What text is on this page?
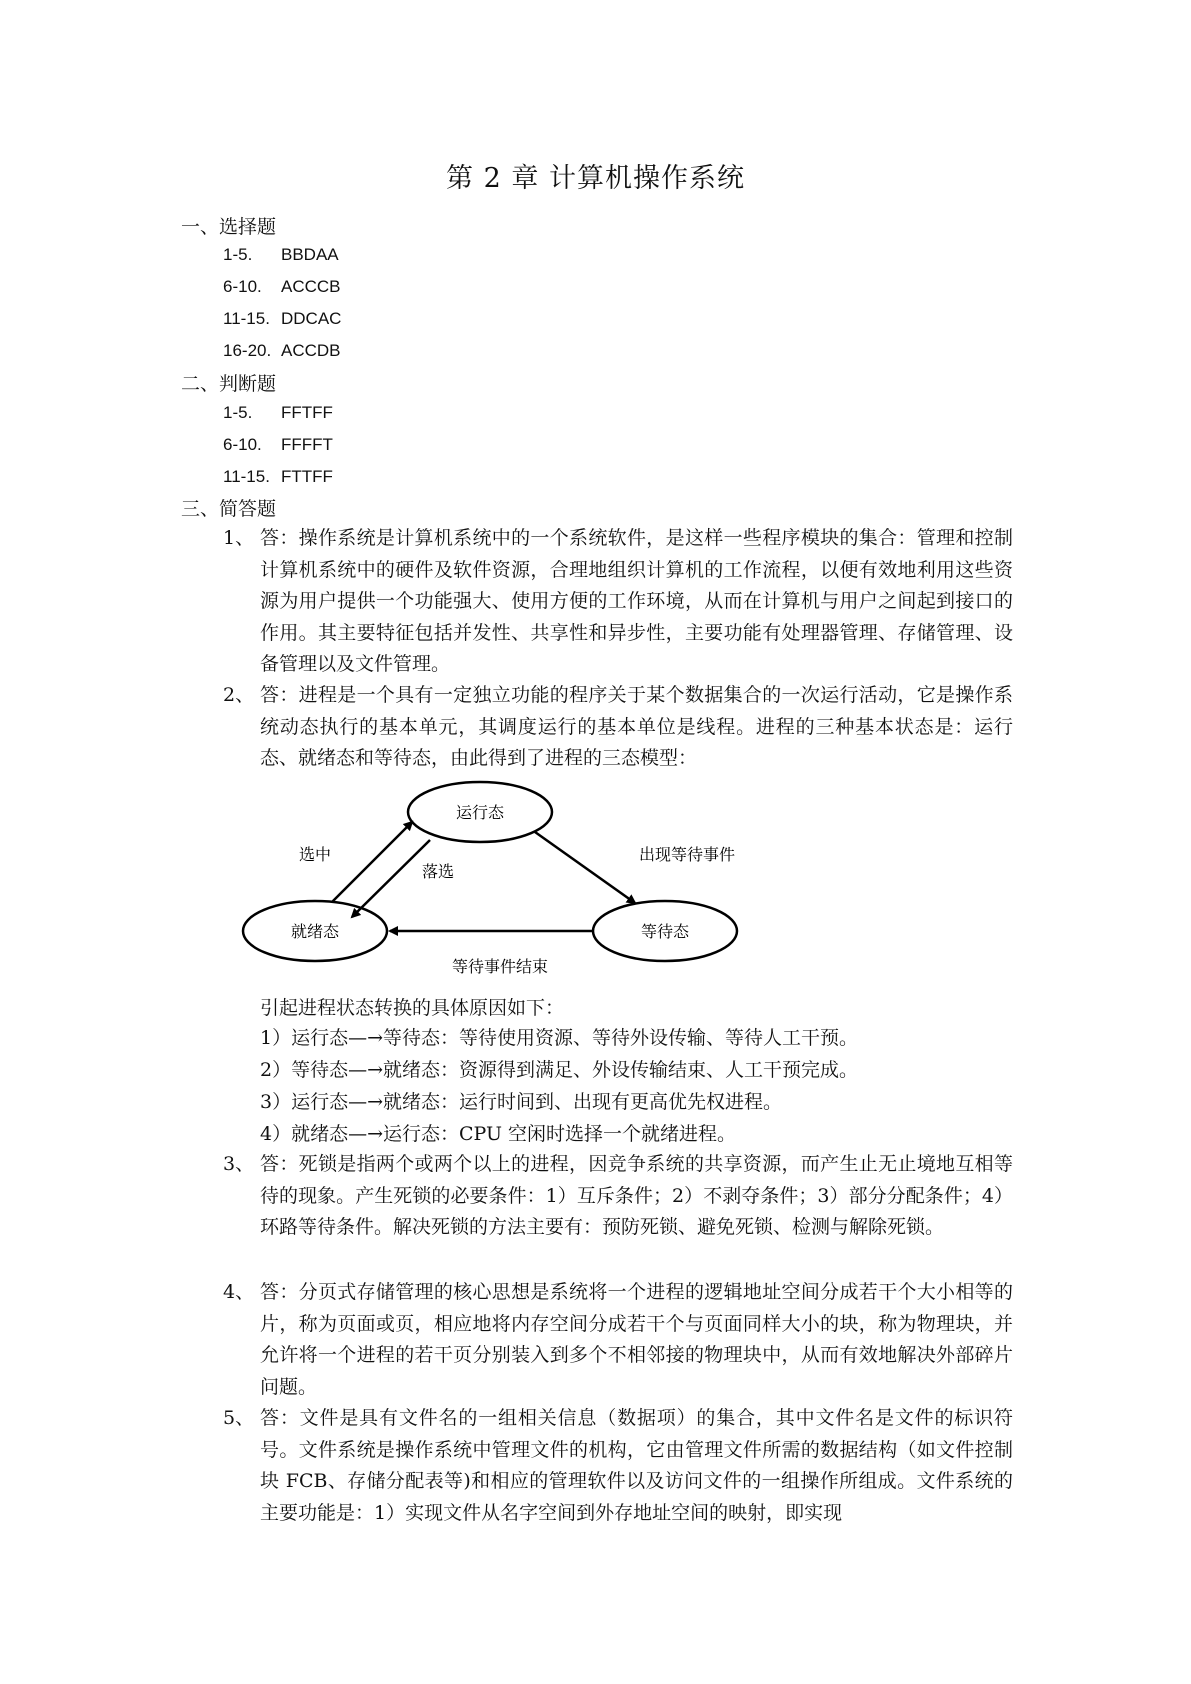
第 2 章 计算机操作系统
一、选择题
1-5. BBDAA
6-10. ACCCB
11-15. DDCAC
16-20. ACCDB
二、判断题
1-5. FFTFF
6-10. FFFFT
11-15. FTTFF
三、简答题
1、 答：操作系统是计算机系统中的一个系统软件，是这样一些程序模块的集合：管理和控制计算机系统中的硬件及软件资源，合理地组织计算机的工作流程，以便有效地利用这些资源为用户提供一个功能强大、使用方便的工作环境，从而在计算机与用户之间起到接口的作用。其主要特征包括并发性、共享性和异步性，主要功能有处理器管理、存储管理、设备管理以及文件管理。
2、 答：进程是一个具有一定独立功能的程序关于某个数据集合的一次运行活动，它是操作系统动态执行的基本单元，其调度运行的基本单位是线程。进程的三种基本状态是：运行态、就绪态和等待态，由此得到了进程的三态模型：
运行态
就绪态	等待态
选中
落选
出现等待事件
等待事件结束
引起进程状态转换的具体原因如下：
1）运行态—→等待态：等待使用资源、等待外设传输、等待人工干预。
2）等待态—→就绪态：资源得到满足、外设传输结束、人工干预完成。
3）运行态—→就绪态：运行时间到、出现有更高优先权进程。
4）就绪态—→运行态：CPU 空闲时选择一个就绪进程。
3、 答：死锁是指两个或两个以上的进程，因竞争系统的共享资源，而产生止无止境地互相等待的现象。产生死锁的必要条件：1）互斥条件；2）不剥夺条件；3）部分分配条件；4）环路等待条件。解决死锁的方法主要有：预防死锁、避免死锁、检测与解除死锁。
4、 答：分页式存储管理的核心思想是系统将一个进程的逻辑地址空间分成若干个大小相等的片，称为页面或页，相应地将内存空间分成若干个与页面同样大小的块，称为物理块，并允许将一个进程的若干页分别装入到多个不相邻接的物理块中，从而有效地解决外部碎片问题。
5、 答：文件是具有文件名的一组相关信息（数据项）的集合，其中文件名是文件的标识符号。文件系统是操作系统中管理文件的机构，它由管理文件所需的数据结构（如文件控制块 FCB、存储分配表等)和相应的管理软件以及访问文件的一组操作所组成。文件系统的主要功能是：1）实现文件从名字空间到外存地址空间的映射，即实现
